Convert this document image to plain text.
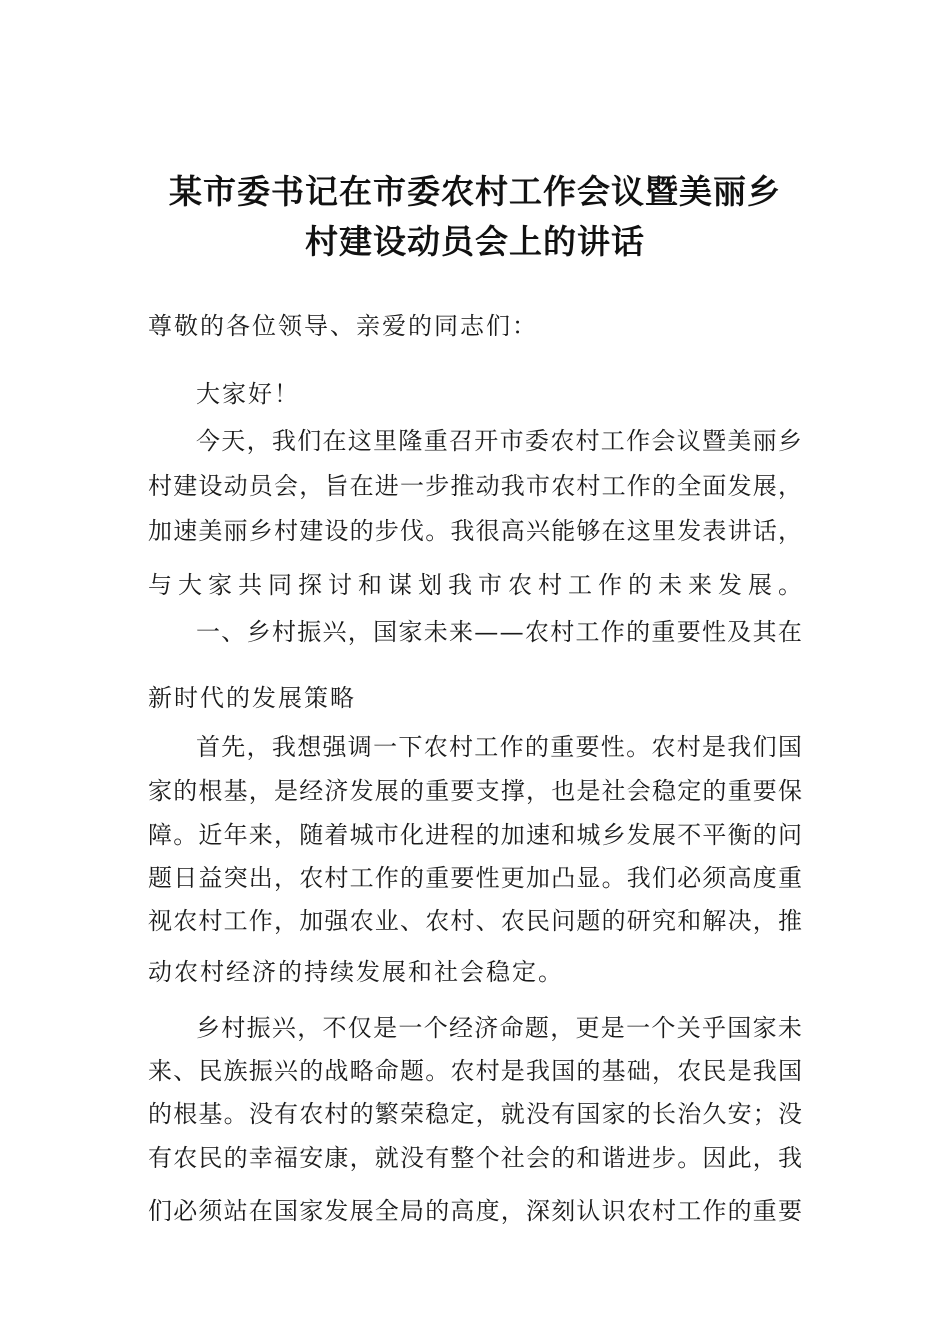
某市委书记在市委农村工作会议暨美丽乡
村建设动员会上的讲话
尊敬的各位领导、亲爱的同志们：
大家好！
今天，我们在这里隆重召开市委农村工作会议暨美丽乡
村建设动员会，旨在进一步推动我市农村工作的全面发展，
加速美丽乡村建设的步伐。我很高兴能够在这里发表讲话，
与大家共同探讨和谋划我市农村工作的未来发展。
一、乡村振兴，国家未来——农村工作的重要性及其在
新时代的发展策略
首先，我想强调一下农村工作的重要性。农村是我们国
家的根基，是经济发展的重要支撑，也是社会稳定的重要保
障。近年来，随着城市化进程的加速和城乡发展不平衡的问
题日益突出，农村工作的重要性更加凸显。我们必须高度重
视农村工作，加强农业、农村、农民问题的研究和解决，推
动农村经济的持续发展和社会稳定。
乡村振兴，不仅是一个经济命题，更是一个关乎国家未
来、民族振兴的战略命题。农村是我国的基础，农民是我国
的根基。没有农村的繁荣稳定，就没有国家的长治久安；没
有农民的幸福安康，就没有整个社会的和谐进步。因此，我
们必须站在国家发展全局的高度，深刻认识农村工作的重要
